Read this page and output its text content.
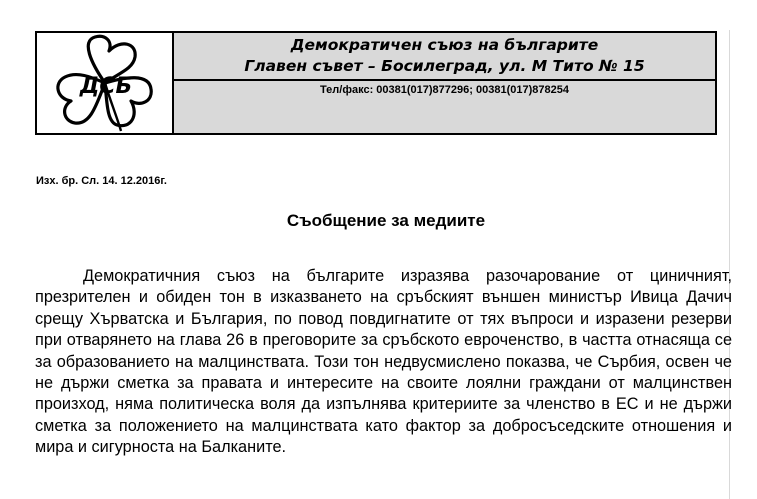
ДСБ
Демократичен съюз на българите
Главен съвет – Босилеград, ул. М Тито № 15
Тел/факс: 00381(017)877296; 00381(017)878254
Изх. бр. Сл. 14. 12.2016г.
Съобщение за медиите

Демократичния съюз на българите изразява разочарование от циничният, презрителен и обиден тон в изказването на сръбският външен министър Ивица Дачич срещу Хърватска и България, по повод повдигнатите от тях въпроси и изразени резерви при отварянето на глава 26 в преговорите за сръбското евроченство, в частта отнасяща се за образованието на малцинствата. Този тон недвусмислено показва, че Сърбия, освен че не държи сметка за правата и интересите на своите лоялни граждани от малцинствен произход, няма политическа воля да изпълнява критериите за членство в ЕС и не държи сметка за положението на малцинствата като фактор за добросъседските отношения и мира и сигурноста на Балканите.
